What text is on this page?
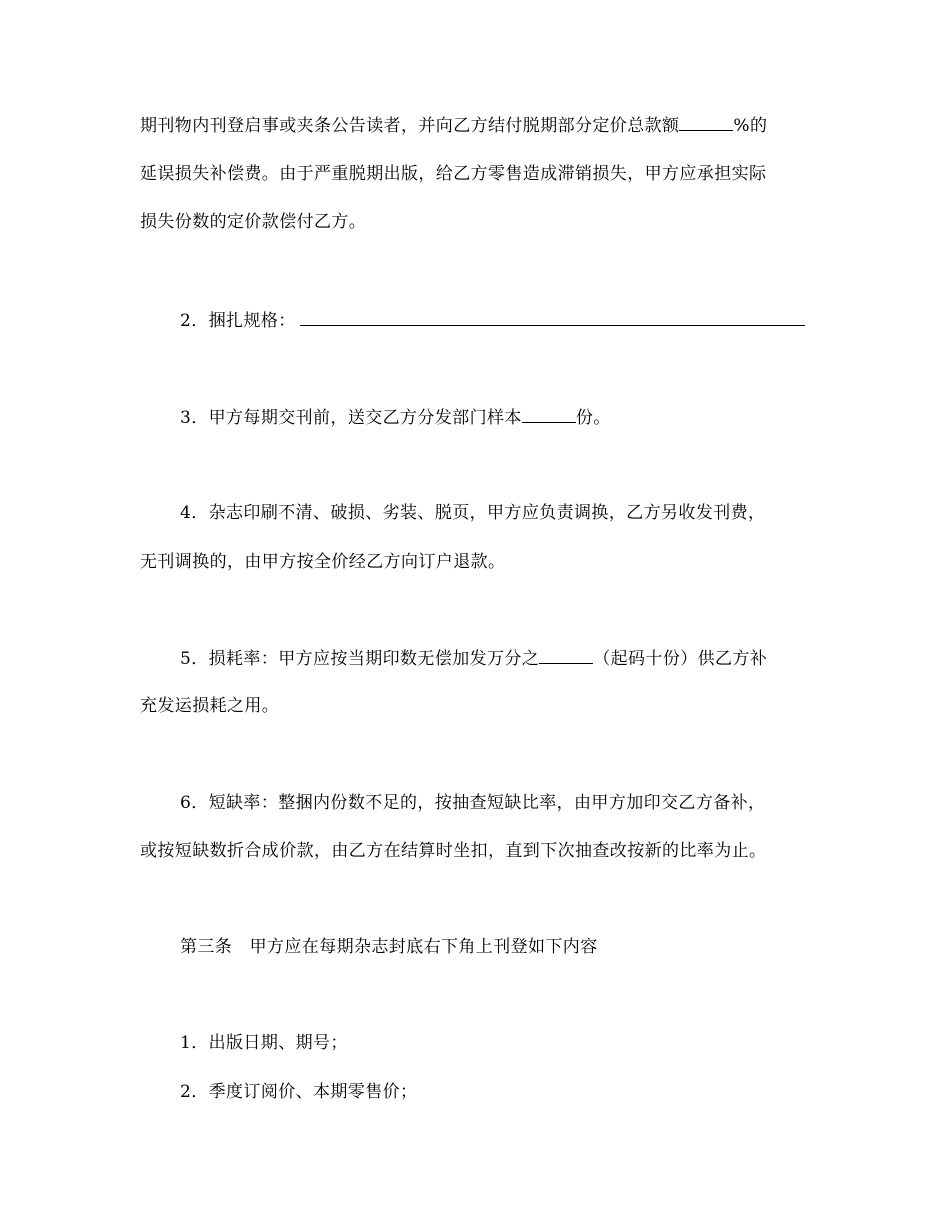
期刊物内刊登启事或夹条公告读者，并向乙方结付脱期部分定价总款额	%的
延误损失补偿费。由于严重脱期出版，给乙方零售造成滞销损失，甲方应承担实际
损失份数的定价款偿付乙方。
2．捆扎规格：
3．甲方每期交刊前，送交乙方分发部门样本	份。
4．杂志印刷不清、破损、劣装、脱页，甲方应负责调换，乙方另收发刊费，
无刊调换的，由甲方按全价经乙方向订户退款。
5．损耗率：甲方应按当期印数无偿加发万分之	（起码十份）供乙方补
充发运损耗之用。
6．短缺率：整捆内份数不足的，按抽查短缺比率，由甲方加印交乙方备补，
或按短缺数折合成价款，由乙方在结算时坐扣，直到下次抽查改按新的比率为止。
第三条　甲方应在每期杂志封底右下角上刊登如下内容
1．出版日期、期号；
2．季度订阅价、本期零售价；
